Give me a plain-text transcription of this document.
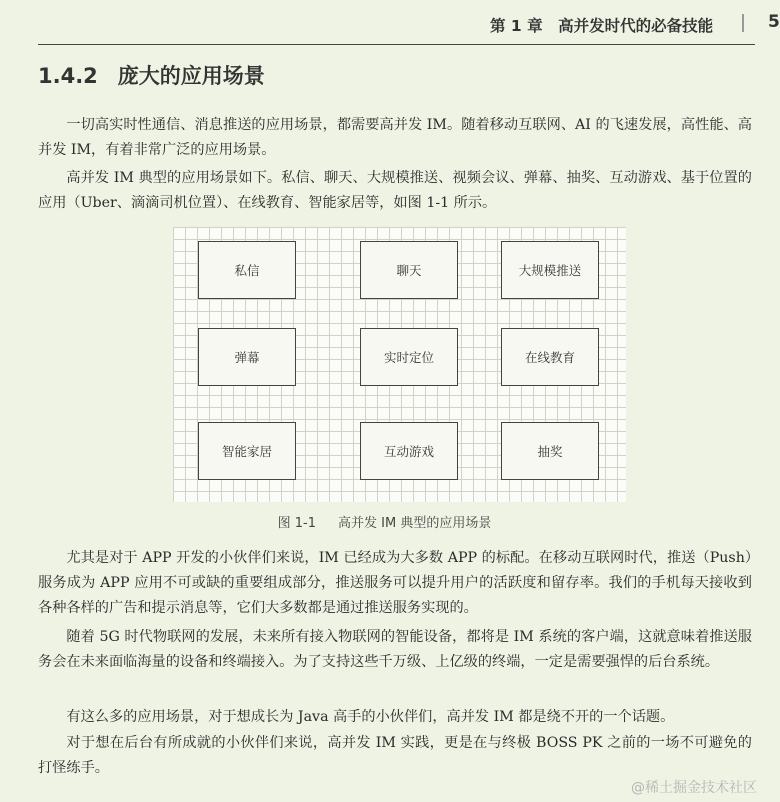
第 1 章　高并发时代的必备技能	5
1.4.2 庞大的应用场景

一切高实时性通信、消息推送的应用场景，都需要高并发 IM。随着移动互联网、AI 的飞速发展，高性能、高并发 IM，有着非常广泛的应用场景。

高并发 IM 典型的应用场景如下。私信、聊天、大规模推送、视频会议、弹幕、抽奖、互动游戏、基于位置的应用（Uber、滴滴司机位置）、在线教育、智能家居等，如图 1-1 所示。

私信	聊天	大规模推送
弹幕	实时定位	在线教育
智能家居	互动游戏	抽奖
图 1-1 高并发 IM 典型的应用场景

尤其是对于 APP 开发的小伙伴们来说，IM 已经成为大多数 APP 的标配。在移动互联网时代，推送（Push）服务成为 APP 应用不可或缺的重要组成部分，推送服务可以提升用户的活跃度和留存率。我们的手机每天接收到各种各样的广告和提示消息等，它们大多数都是通过推送服务实现的。

随着 5G 时代物联网的发展，未来所有接入物联网的智能设备，都将是 IM 系统的客户端，这就意味着推送服务会在未来面临海量的设备和终端接入。为了支持这些千万级、上亿级的终端，一定是需要强悍的后台系统。

有这么多的应用场景，对于想成长为 Java 高手的小伙伴们，高并发 IM 都是绕不开的一个话题。

对于想在后台有所成就的小伙伴们来说，高并发 IM 实践，更是在与终极 BOSS PK 之前的一场不可避免的打怪练手。

@稀土掘金技术社区
